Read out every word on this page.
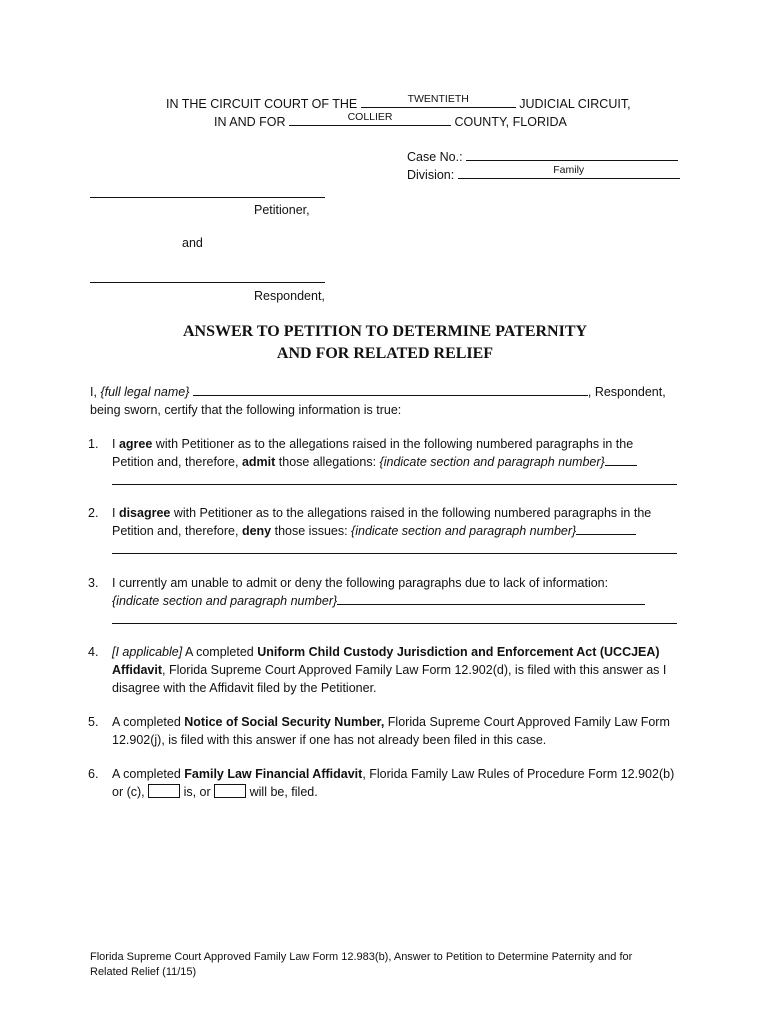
IN THE CIRCUIT COURT OF THE	TWENTIETH	JUDICIAL CIRCUIT,
IN AND FOR	COLLIER	COUNTY, FLORIDA
Case No.:
Division:	Family
Petitioner,
and
Respondent,
ANSWER TO PETITION TO DETERMINE PATERNITY
AND FOR RELATED RELIEF
I, {full legal name}	, Respondent,
being sworn, certify that the following information is true:
1. I agree with Petitioner as to the allegations raised in the following numbered paragraphs in the Petition and, therefore, admit those allegations: {indicate section and paragraph number}
2. I disagree with Petitioner as to the allegations raised in the following numbered paragraphs in the Petition and, therefore, deny those issues: {indicate section and paragraph number}
3. I currently am unable to admit or deny the following paragraphs due to lack of information:
{indicate section and paragraph number}
4. [I applicable] A completed Uniform Child Custody Jurisdiction and Enforcement Act (UCCJEA) Affidavit, Florida Supreme Court Approved Family Law Form 12.902(d), is filed with this answer as I disagree with the Affidavit filed by the Petitioner.
5. A completed Notice of Social Security Number, Florida Supreme Court Approved Family Law Form 12.902(j), is filed with this answer if one has not already been filed in this case.
6. A completed Family Law Financial Affidavit, Florida Family Law Rules of Procedure Form 12.902(b) or (c),	is, or	will be, filed.
Florida Supreme Court Approved Family Law Form 12.983(b), Answer to Petition to Determine Paternity and for
Related Relief (11/15)
